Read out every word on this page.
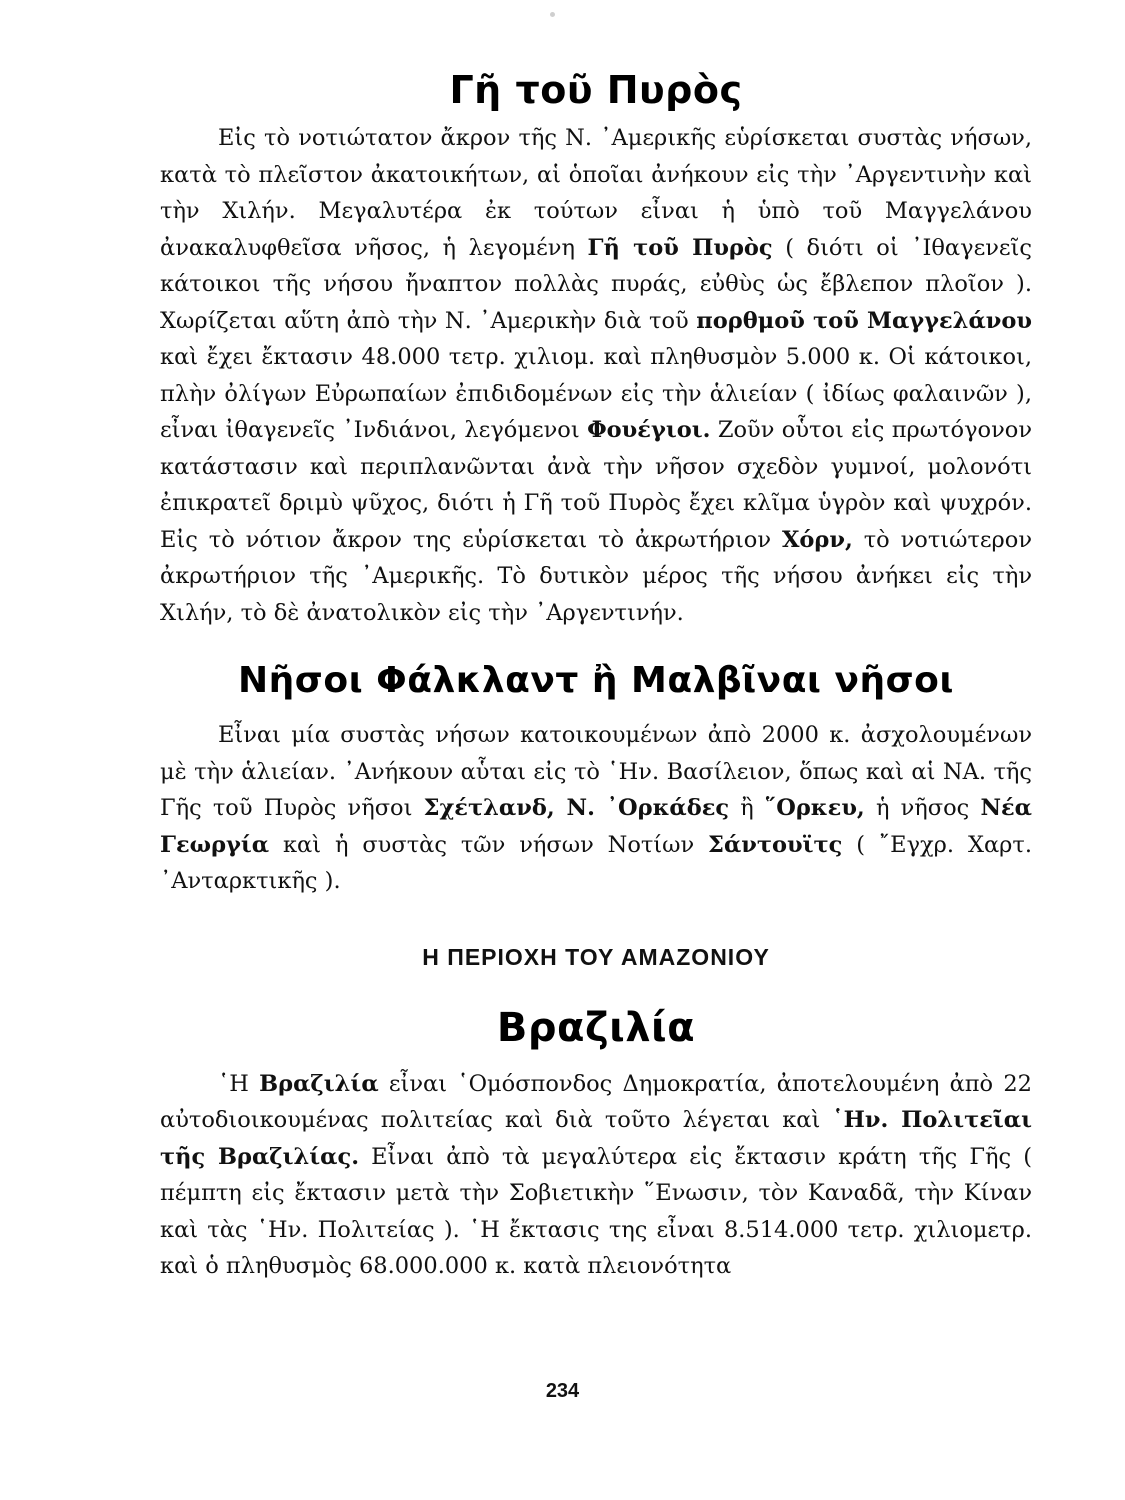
Γῆ τοῦ Πυρὸς

Εἰς τὸ νοτιώτατον ἄκρον τῆς Ν. ᾿Αμερικῆς εὑρίσκεται συστὰς νήσων, κατὰ τὸ πλεῖστον ἀκατοικήτων, αἱ ὁποῖαι ἀνήκουν εἰς τὴν ᾿Αργεντινὴν καὶ τὴν Χιλήν. Μεγαλυτέρα ἐκ τούτων εἶναι ἡ ὑπὸ τοῦ Μαγγελάνου ἀνακαλυφθεῖσα νῆσος, ἡ λεγομένη Γῆ τοῦ Πυρὸς ( διότι οἱ ᾿Ιθαγενεῖς κάτοικοι τῆς νήσου ἤναπτον πολλὰς πυράς, εὐθὺς ὡς ἔβλεπον πλοῖον ). Χωρίζεται αὕτη ἀπὸ τὴν Ν. ᾿Αμερικὴν διὰ τοῦ πορθμοῦ τοῦ Μαγγελάνου καὶ ἔχει ἔκτασιν 48.000 τετρ. χιλιομ. καὶ πληθυσμὸν 5.000 κ. Οἱ κάτοικοι, πλὴν ὀλίγων Εὐρωπαίων ἐπιδιδομένων εἰς τὴν ἁλιείαν ( ἰδίως φαλαινῶν ), εἶναι ἰθαγενεῖς ᾿Ινδιάνοι, λεγόμενοι Φουέγιοι. Ζοῦν οὗτοι εἰς πρωτόγονον κατάστασιν καὶ περιπλανῶνται ἀνὰ τὴν νῆσον σχεδὸν γυμνοί, μολονότι ἐπικρατεῖ δριμὺ ψῦχος, διότι ἡ Γῆ τοῦ Πυρὸς ἔχει κλῖμα ὑγρὸν καὶ ψυχρόν. Εἰς τὸ νότιον ἄκρον της εὑρίσκεται τὸ ἀκρωτήριον Χόρν, τὸ νοτιώτερον ἀκρωτήριον τῆς ᾿Αμερικῆς. Τὸ δυτικὸν μέρος τῆς νήσου ἀνήκει εἰς τὴν Χιλήν, τὸ δὲ ἀνατολικὸν εἰς τὴν ᾿Αργεντινήν.

Νῆσοι Φάλκλαντ ἢ Μαλβῖναι νῆσοι

Εἶναι μία συστὰς νήσων κατοικουμένων ἀπὸ 2000 κ. ἀσχολουμένων μὲ τὴν ἁλιείαν. ᾿Ανήκουν αὗται εἰς τὸ ῾Ην. Βασίλειον, ὅπως καὶ αἱ ΝΑ. τῆς Γῆς τοῦ Πυρὸς νῆσοι Σχέτλανδ, Ν. ᾿Ορκάδες ἢ ῞Ορκευ, ἡ νῆσος Νέα Γεωργία καὶ ἡ συστὰς τῶν νήσων Νοτίων Σάντουϊτς ( ῎Εγχρ. Χαρτ. ᾿Ανταρκτικῆς ).

Η ΠΕΡΙΟΧΗ ΤΟΥ ΑΜΑΖΟΝΙΟΥ
Βραζιλία

῾Η Βραζιλία εἶναι ῾Ομόσπονδος Δημοκρατία, ἀποτελουμένη ἀπὸ 22 αὐτοδιοικουμένας πολιτείας καὶ διὰ τοῦτο λέγεται καὶ ῾Ην. Πολιτεῖαι τῆς Βραζιλίας. Εἶναι ἀπὸ τὰ μεγαλύτερα εἰς ἔκτασιν κράτη τῆς Γῆς ( πέμπτη εἰς ἔκτασιν μετὰ τὴν Σοβιετικὴν ῞Ενωσιν, τὸν Καναδᾶ, τὴν Κίναν καὶ τὰς ῾Ην. Πολιτείας ). ῾Η ἔκτασις της εἶναι 8.514.000 τετρ. χιλιομετρ. καὶ ὁ πληθυσμὸς 68.000.000 κ. κατὰ πλειονότητα

234
